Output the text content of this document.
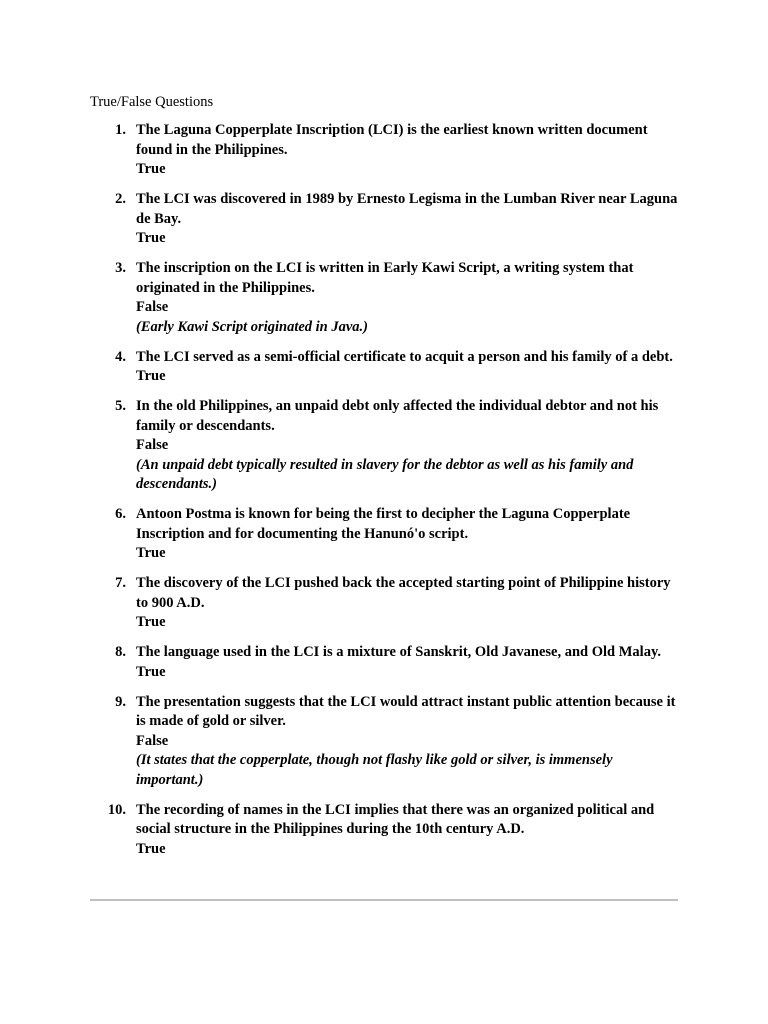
True/False Questions
1. The Laguna Copperplate Inscription (LCI) is the earliest known written document found in the Philippines.
True
2. The LCI was discovered in 1989 by Ernesto Legisma in the Lumban River near Laguna de Bay.
True
3. The inscription on the LCI is written in Early Kawi Script, a writing system that originated in the Philippines.
False
(Early Kawi Script originated in Java.)
4. The LCI served as a semi-official certificate to acquit a person and his family of a debt.
True
5. In the old Philippines, an unpaid debt only affected the individual debtor and not his family or descendants.
False
(An unpaid debt typically resulted in slavery for the debtor as well as his family and descendants.)
6. Antoon Postma is known for being the first to decipher the Laguna Copperplate Inscription and for documenting the Hanunó'o script.
True
7. The discovery of the LCI pushed back the accepted starting point of Philippine history to 900 A.D.
True
8. The language used in the LCI is a mixture of Sanskrit, Old Javanese, and Old Malay.
True
9. The presentation suggests that the LCI would attract instant public attention because it is made of gold or silver.
False
(It states that the copperplate, though not flashy like gold or silver, is immensely important.)
10. The recording of names in the LCI implies that there was an organized political and social structure in the Philippines during the 10th century A.D.
True
